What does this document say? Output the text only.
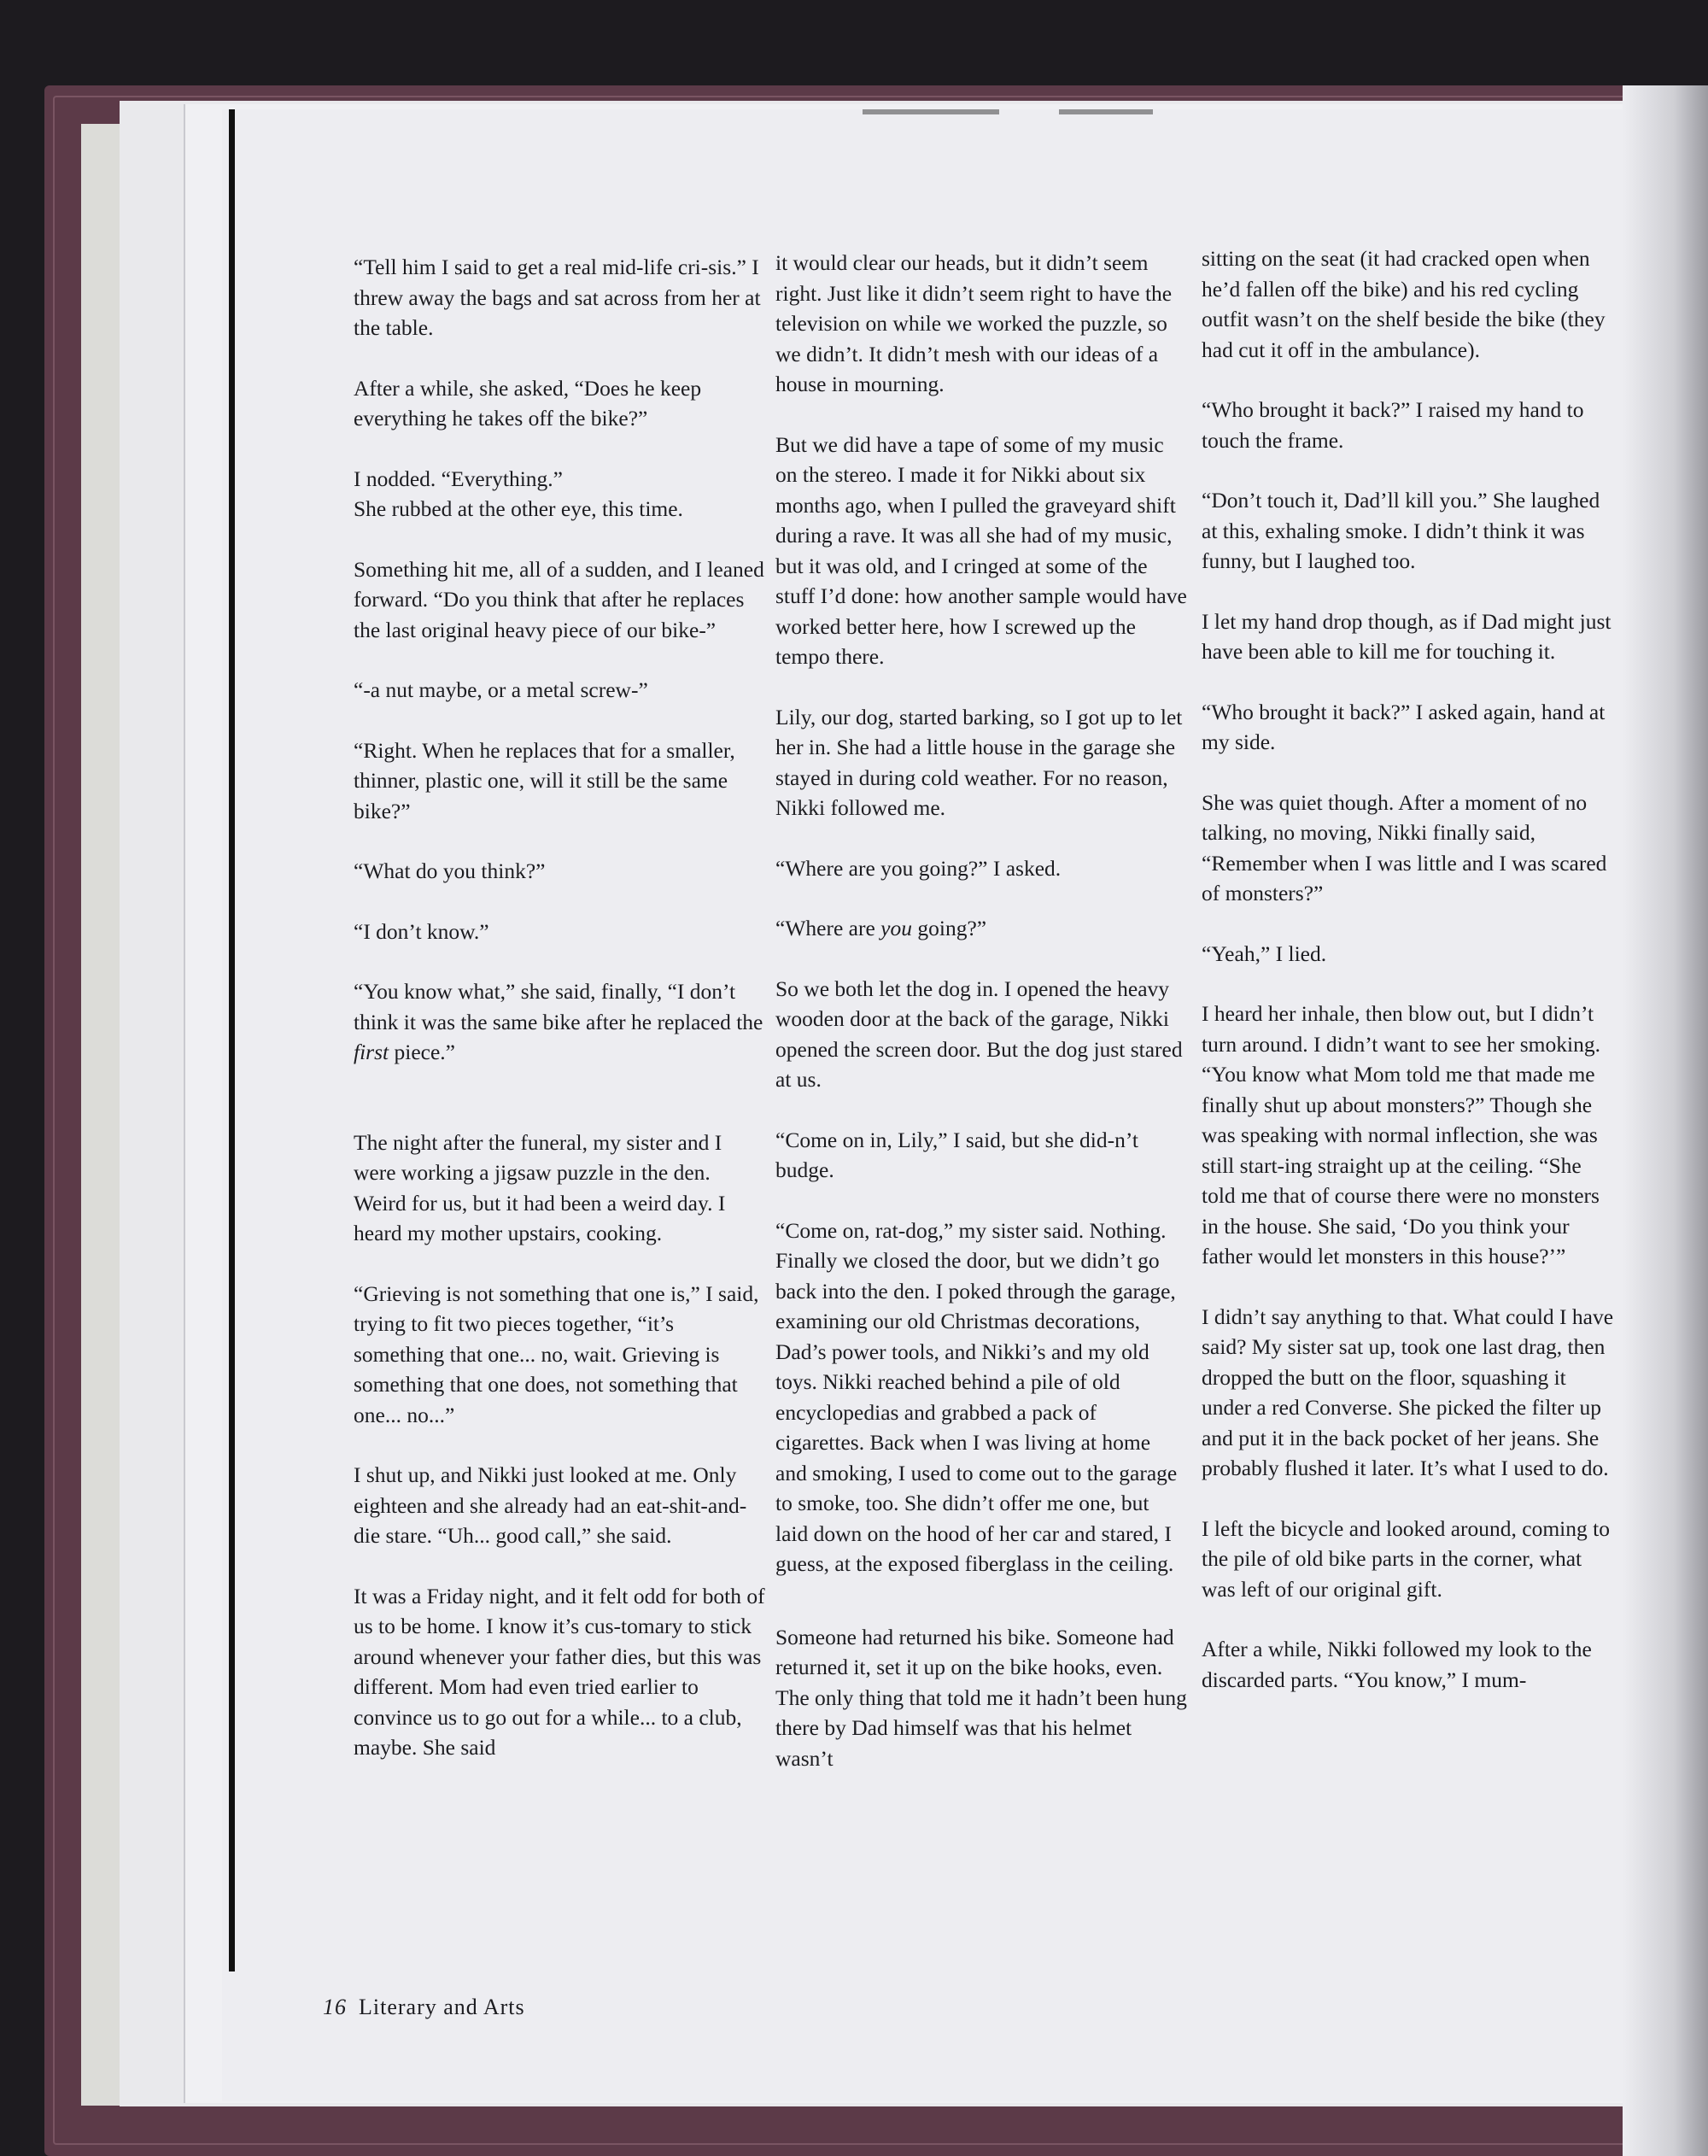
“Tell him I said to get a real mid-life cri-sis.” I threw away the bags and sat across from her at the table.

After a while, she asked, “Does he keep everything he takes off the bike?”

I nodded. “Everything.”
She rubbed at the other eye, this time.

Something hit me, all of a sudden, and I leaned forward. “Do you think that after he replaces the last original heavy piece of our bike-”

“-a nut maybe, or a metal screw-”

“Right. When he replaces that for a smaller, thinner, plastic one, will it still be the same bike?”

“What do you think?”

“I don’t know.”

“You know what,” she said, finally, “I don’t think it was the same bike after he replaced the first piece.”

The night after the funeral, my sister and I were working a jigsaw puzzle in the den. Weird for us, but it had been a weird day. I heard my mother upstairs, cooking.

“Grieving is not something that one is,” I said, trying to fit two pieces together, “it’s something that one... no, wait. Grieving is something that one does, not something that one... no...”

I shut up, and Nikki just looked at me. Only eighteen and she already had an eat-shit-and-die stare. “Uh... good call,” she said.

It was a Friday night, and it felt odd for both of us to be home. I know it’s cus-tomary to stick around whenever your father dies, but this was different. Mom had even tried earlier to convince us to go out for a while... to a club, maybe. She said

it would clear our heads, but it didn’t seem right. Just like it didn’t seem right to have the television on while we worked the puzzle, so we didn’t. It didn’t mesh with our ideas of a house in mourning.

But we did have a tape of some of my music on the stereo. I made it for Nikki about six months ago, when I pulled the graveyard shift during a rave. It was all she had of my music, but it was old, and I cringed at some of the stuff I’d done: how another sample would have worked better here, how I screwed up the tempo there.

Lily, our dog, started barking, so I got up to let her in. She had a little house in the garage she stayed in during cold weather. For no reason, Nikki followed me.

“Where are you going?” I asked.

“Where are you going?”

So we both let the dog in. I opened the heavy wooden door at the back of the garage, Nikki opened the screen door. But the dog just stared at us.

“Come on in, Lily,” I said, but she did-n’t budge.

“Come on, rat-dog,” my sister said. Nothing. Finally we closed the door, but we didn’t go back into the den. I poked through the garage, examining our old Christmas decorations, Dad’s power tools, and Nikki’s and my old toys. Nikki reached behind a pile of old encyclopedias and grabbed a pack of cigarettes. Back when I was living at home and smoking, I used to come out to the garage to smoke, too. She didn’t offer me one, but laid down on the hood of her car and stared, I guess, at the exposed fiberglass in the ceiling.

Someone had returned his bike. Someone had returned it, set it up on the bike hooks, even. The only thing that told me it hadn’t been hung there by Dad himself was that his helmet wasn’t

sitting on the seat (it had cracked open when he’d fallen off the bike) and his red cycling outfit wasn’t on the shelf beside the bike (they had cut it off in the ambulance).

“Who brought it back?” I raised my hand to touch the frame.

“Don’t touch it, Dad’ll kill you.” She laughed at this, exhaling smoke. I didn’t think it was funny, but I laughed too.

I let my hand drop though, as if Dad might just have been able to kill me for touching it.

“Who brought it back?” I asked again, hand at my side.

She was quiet though. After a moment of no talking, no moving, Nikki finally said, “Remember when I was little and I was scared of monsters?”

“Yeah,” I lied.

I heard her inhale, then blow out, but I didn’t turn around. I didn’t want to see her smoking. “You know what Mom told me that made me finally shut up about monsters?” Though she was speaking with normal inflection, she was still start-ing straight up at the ceiling. “She told me that of course there were no monsters in the house. She said, ‘Do you think your father would let monsters in this house?’”

I didn’t say anything to that. What could I have said? My sister sat up, took one last drag, then dropped the butt on the floor, squashing it under a red Converse. She picked the filter up and put it in the back pocket of her jeans. She probably flushed it later. It’s what I used to do.

I left the bicycle and looked around, coming to the pile of old bike parts in the corner, what was left of our original gift.

After a while, Nikki followed my look to the discarded parts. “You know,” I mum-

16 Literary and Arts
